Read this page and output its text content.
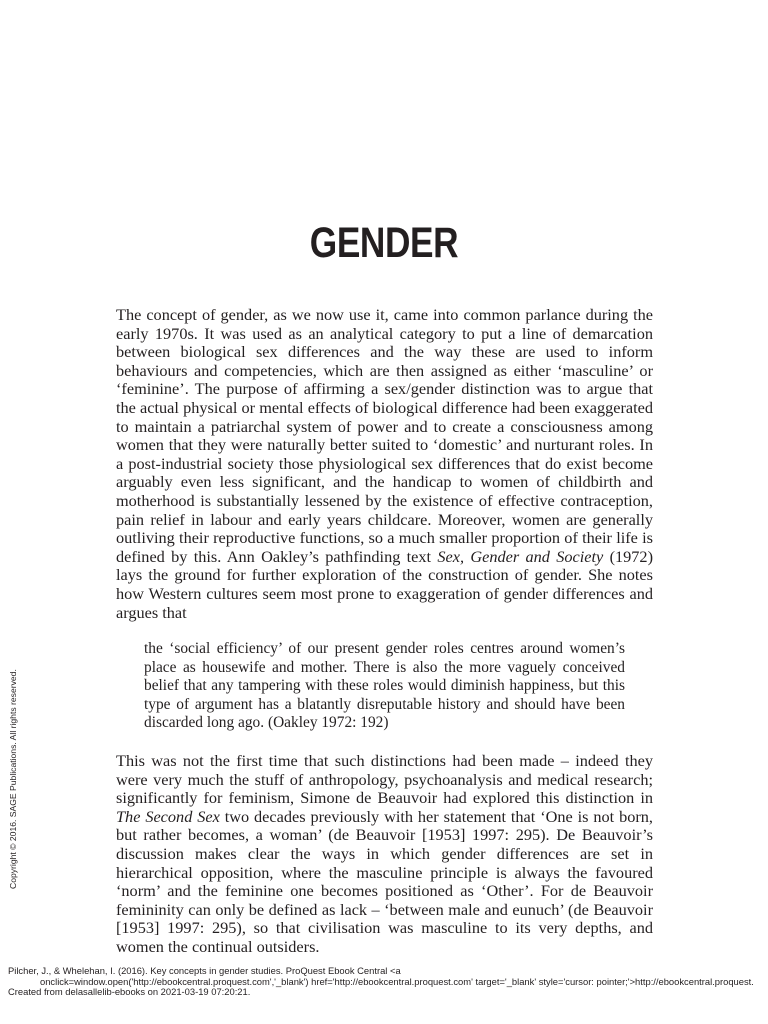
GENDER

The concept of gender, as we now use it, came into common parlance during the early 1970s. It was used as an analytical category to put a line of demarcation between biological sex differences and the way these are used to inform behaviours and competencies, which are then assigned as either ‘masculine’ or ‘feminine’. The purpose of affirming a sex/gender distinction was to argue that the actual physical or mental effects of biological difference had been exaggerated to maintain a patriarchal system of power and to create a consciousness among women that they were naturally better suited to ‘domestic’ and nurturant roles. In a post-industrial society those physiological sex differences that do exist become arguably even less significant, and the handicap to women of childbirth and motherhood is substantially lessened by the existence of effective contraception, pain relief in labour and early years childcare. Moreover, women are generally outliving their reproductive functions, so a much smaller proportion of their life is defined by this. Ann Oakley’s pathfinding text Sex, Gender and Society (1972) lays the ground for further exploration of the construction of gender. She notes how Western cultures seem most prone to exaggeration of gender differences and argues that

the ‘social efficiency’ of our present gender roles centres around women’s place as housewife and mother. There is also the more vaguely conceived belief that any tampering with these roles would diminish happiness, but this type of argument has a blatantly disreputable history and should have been discarded long ago. (Oakley 1972: 192)

This was not the first time that such distinctions had been made – indeed they were very much the stuff of anthropology, psychoanalysis and medical research; significantly for feminism, Simone de Beauvoir had explored this distinction in The Second Sex two decades previously with her statement that ‘One is not born, but rather becomes, a woman’ (de Beauvoir [1953] 1997: 295). De Beauvoir’s discussion makes clear the ways in which gender differences are set in hierarchical opposition, where the masculine principle is always the favoured ‘norm’ and the feminine one becomes positioned as ‘Other’. For de Beauvoir femininity can only be defined as lack – ‘between male and eunuch’ (de Beauvoir [1953] 1997: 295), so that civilisation was masculine to its very depths, and women the continual outsiders.

Copyright © 2016. SAGE Publications. All rights reserved.
Pilcher, J., & Whelehan, I. (2016). Key concepts in gender studies. ProQuest Ebook Central <a
onclick=window.open('http://ebookcentral.proquest.com','_blank') href='http://ebookcentral.proquest.com' target='_blank' style='cursor: pointer;'>http://ebookcentral.proquest.
Created from delasallelib-ebooks on 2021-03-19 07:20:21.
